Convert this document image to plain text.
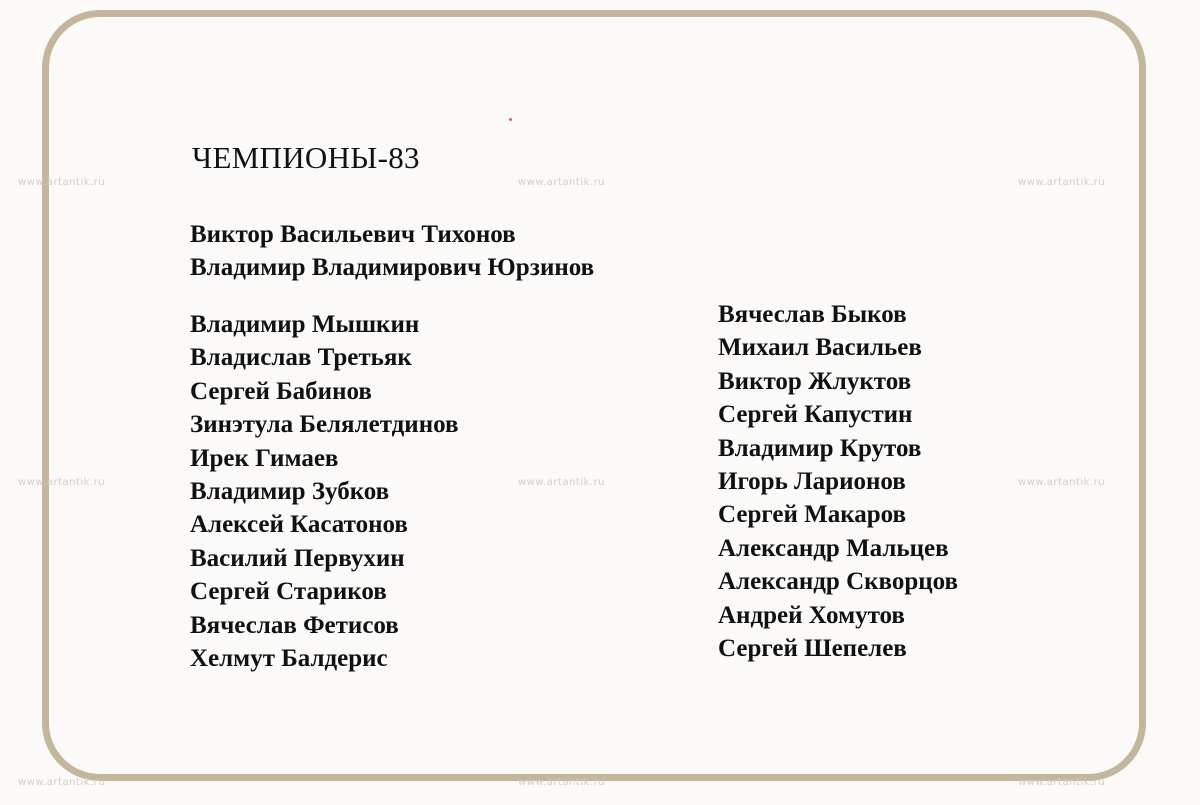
ЧЕМПИОНЫ-83
Виктор Васильевич Тихонов
Владимир Владимирович Юрзинов
Владимир Мышкин
Владислав Третьяк
Сергей Бабинов
Зинэтула Белялетдинов
Ирек Гимаев
Владимир Зубков
Алексей Касатонов
Василий Первухин
Сергей Стариков
Вячеслав Фетисов
Хелмут Балдерис
Вячеслав Быков
Михаил Васильев
Виктор Жлуктов
Сергей Капустин
Владимир Крутов
Игорь Ларионов
Сергей Макаров
Александр Мальцев
Александр Скворцов
Андрей Хомутов
Сергей Шепелев
www.artantik.ru	www.artantik.ru	www.artantik.ru
www.artantik.ru	www.artantik.ru	www.artantik.ru
www.artantik.ru	www.artantik.ru	www.artantik.ru
